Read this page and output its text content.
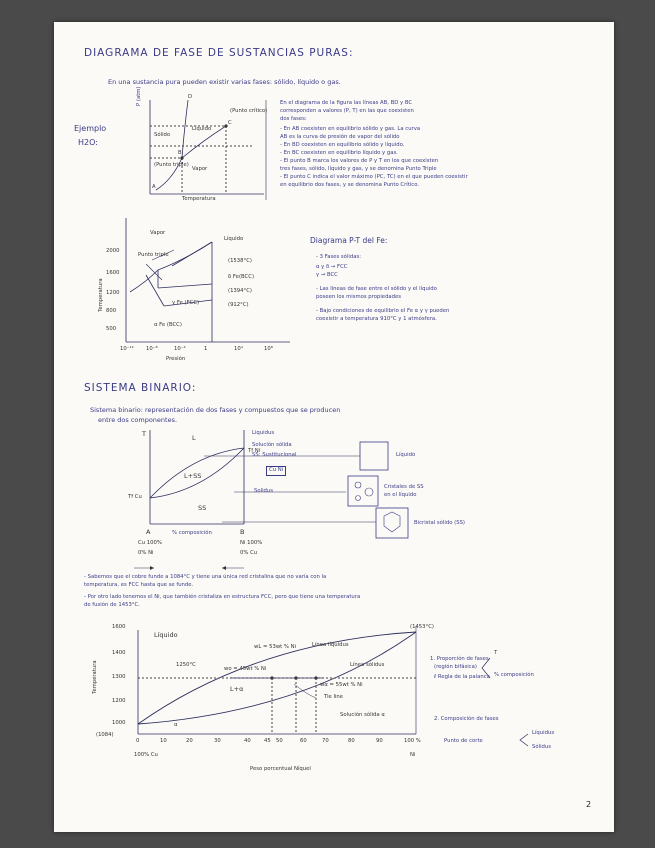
DIAGRAMA DE FASE DE SUSTANCIAS PURAS:
En una sustancia pura pueden existir varias fases: sólido, líquido o gas.
Ejemplo
H2O:
P (atm)
Temperatura
Sólido
Líquido
Vapor
(Punto crítico)
(Punto triple)
B
D
C
A
En el diagrama de la figura las líneas AB, BD y BC
corresponden a valores (P, T) en las que coexisten
dos fases:
- En AB coexisten en equilibrio sólido y gas. La curva
AB es la curva de presión de vapor del sólido
- En BD coexisten en equilibrio sólido y líquido.
- En BC coexisten en equilibrio líquido y gas.
- El punto B marca los valores de P y T en los que coexisten
tres fases, sólido, líquido y gas, y se denomina Punto Triple
- El punto C indica el valor máximo (PC, TC) en el que pueden coexistir
en equilibrio dos fases, y se denomina Punto Crítico.
Temperatura
Presión
2000
1600
1200
800
500
10⁻¹² 10⁻⁸	10⁻⁴	1	10⁴	10⁸
Vapor
Líquido
Punto triple
(1538°C)
δ Fe(BCC)
(1394°C)
γ Fe (FCC)	(912°C)
α Fe (BCC)
Diagrama P-T del Fe:
- 3 Fases sólidas:
α y δ → FCC
γ → BCC
- Las líneas de fase entre el sólido y el líquido
poseen los mismos propiedades
- Bajo condiciones de equilibrio el Fe α y γ pueden
coexistir a temperatura 910°C y 1 atmósfera.
SISTEMA BINARIO:
Sistema binario: representación de dos fases y compuestos que se producen
entre dos componentes.
T	L
L+SS
SS
Tf Ni
Tf Cu
Liquidus
Solución sólida
SS: Sustitucional
Cu Ni
Solidus
A	B
% composición
Cu 100%
0% Ni
Ni 100%
0% Cu
Líquido
Cristales de SS
en el líquido
Bicristal sólido (SS)
- Sabemos que el cobre funde a 1084°C y tiene una única red cristalina que no varía con la
temperatura, es FCC hasta que se funde.
- Por otro lado tenemos el Ni, que también cristaliza en estructura FCC, pero que tiene una temperatura
de fusión de 1453°C.
Temperatura
Peso porcentual Níquel
1600
1400
1300
1200
1000
0	10	20	30	40	45 50	60	70	80	90	100 %
Líquido
Línea líquidus
Línea sólidus
L+α
Tie line
Solución sólida α
1250°C
(1453°C)
(1084)
wL = 53wt % Ni
wo = 45wt % Ni
wα = 55wt % Ni
α
100% Cu	Ni
1. Proporción de fases
(región bifásica)
ℓ Regla de la palanca
T
% composición
2. Composición de fases
Punto de corte
Líquidus
Sólidus
2
